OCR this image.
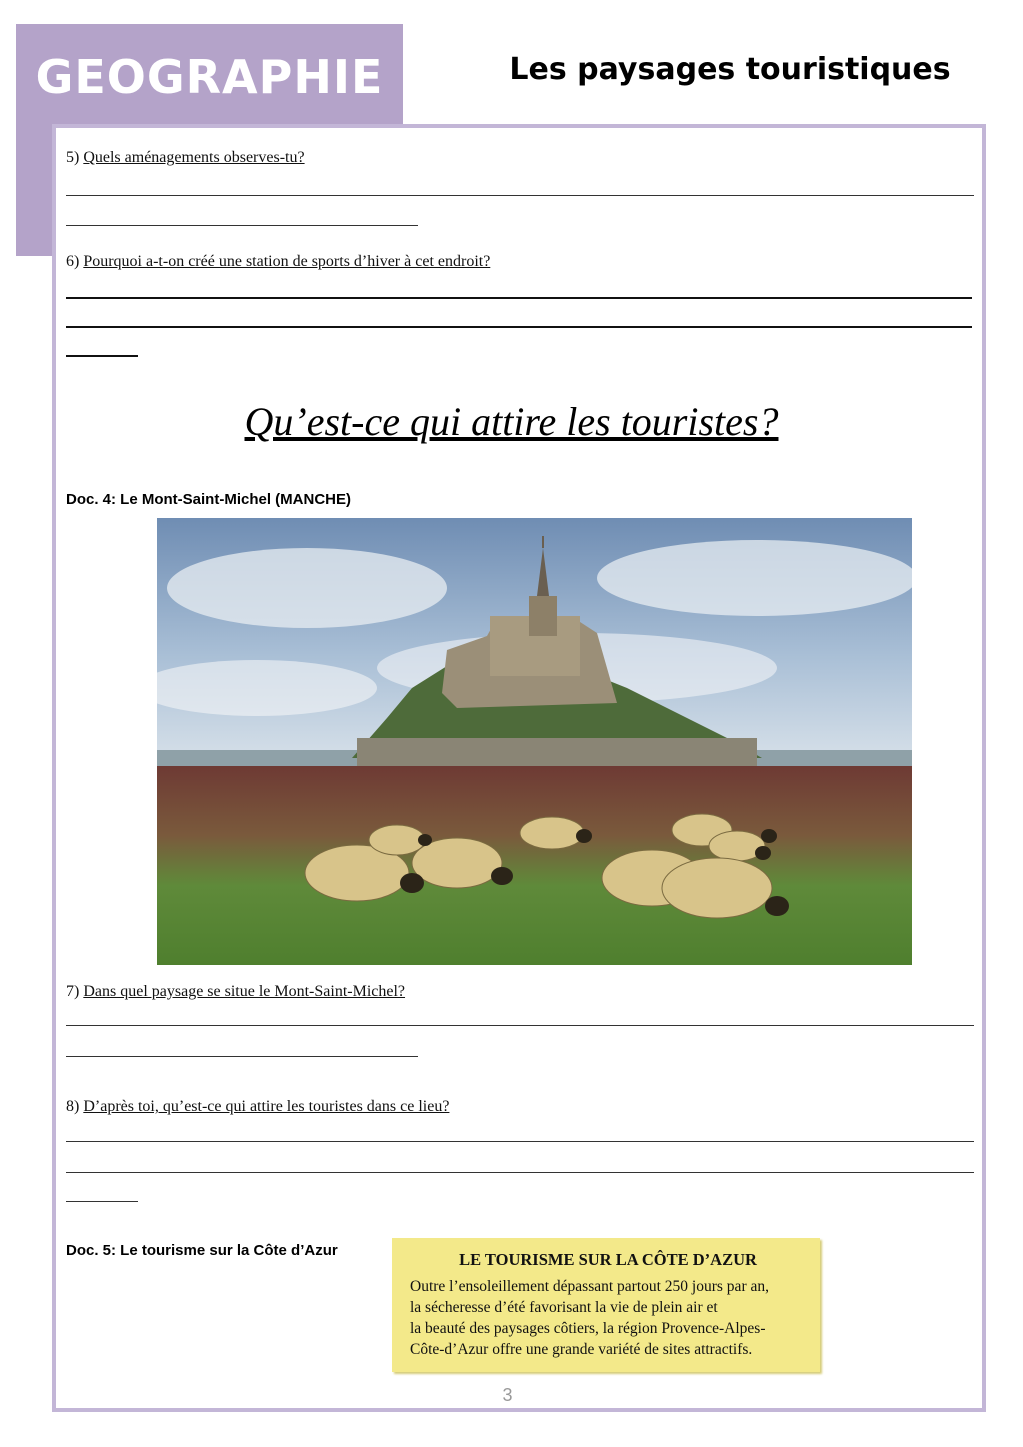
GEOGRAPHIE	Les paysages touristiques
5) Quels aménagements observes-tu?
6) Pourquoi a-t-on créé une station de sports d’hiver à cet endroit?
Qu’est-ce qui attire les touristes?
Doc. 4: Le Mont-Saint-Michel (MANCHE)
7) Dans quel paysage se situe le Mont-Saint-Michel?
8) D’après toi, qu’est-ce qui attire les touristes dans ce lieu?
Doc. 5: Le tourisme sur la Côte d’Azur	LE TOURISME SUR LA CÔTE D’AZUR
Outre l’ensoleillement dépassant partout 250 jours par an,
la sécheresse d’été favorisant la vie de plein air et
la beauté des paysages côtiers, la région Provence-Alpes-
Côte-d’Azur offre une grande variété de sites attractifs.
3
